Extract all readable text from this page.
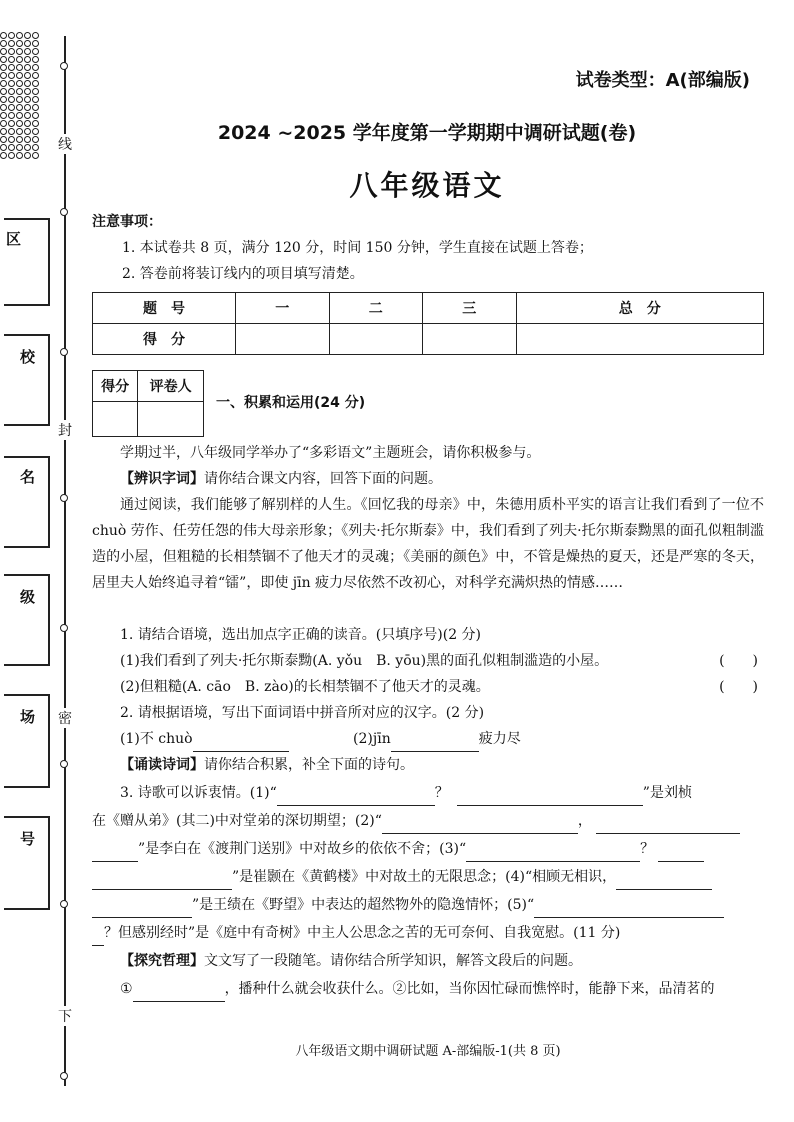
线
封
密
下
区
校
名
级
场
号
试卷类型：A(部编版)
2024 ~2025 学年度第一学期期中调研试题(卷)
八年级语文
注意事项：
1. 本试卷共 8 页，满分 120 分，时间 150 分钟，学生直接在试题上答卷；
2. 答卷前将装订线内的项目填写清楚。
题　号	一	二	三	总　分
得　分				
得分	评卷人

一、积累和运用(24 分)

学期过半，八年级同学举办了“多彩语文”主题班会，请你积极参与。

【辨识字词】请你结合课文内容，回答下面的问题。

通过阅读，我们能够了解别样的人生。《回忆我的母亲》中，朱德用质朴平实的语言让我们看到了一位不 chuò 劳作、任劳任怨的伟大母亲形象；《列夫·托尔斯泰》中，我们看到了列夫·托尔斯泰黝黑的面孔似粗制滥造的小屋，但粗糙的长相禁锢不了他天才的灵魂；《美丽的颜色》中，不管是燥热的夏天，还是严寒的冬天，居里夫人始终追寻着“镭”，即使 jīn 疲力尽依然不改初心，对科学充满炽热的情感……

1. 请结合语境，选出加点字正确的读音。(只填序号)(2 分)
(1)我们看到了列夫·托尔斯泰黝(A. yǒu　B. yōu)黑的面孔似粗制滥造的小屋。	(　　)
(2)但粗糙(A. cāo　B. zào)的长相禁锢不了他天才的灵魂。	(　　)
2. 请根据语境，写出下面词语中拼音所对应的汉字。(2 分)
(1)不 chuò	(2)jīn	疲力尽
【诵读诗词】请你结合积累，补全下面的诗句。
3. 诗歌可以诉衷情。(1)“	？	”是刘桢
在《赠从弟》(其二)中对堂弟的深切期望；(2)“	，
”是李白在《渡荆门送别》中对故乡的依依不舍；(3)“	？
”是崔颢在《黄鹤楼》中对故土的无限思念；(4)“相顾无相识，
”是王绩在《野望》中表达的超然物外的隐逸情怀；(5)“
？但感别经时”是《庭中有奇树》中主人公思念之苦的无可奈何、自我宽慰。(11 分)
【探究哲理】文文写了一段随笔。请你结合所学知识，解答文段后的问题。
①	，播种什么就会收获什么。②比如，当你因忙碌而憔悴时，能静下来，品清茗的
八年级语文期中调研试题 A-部编版-1(共 8 页)
